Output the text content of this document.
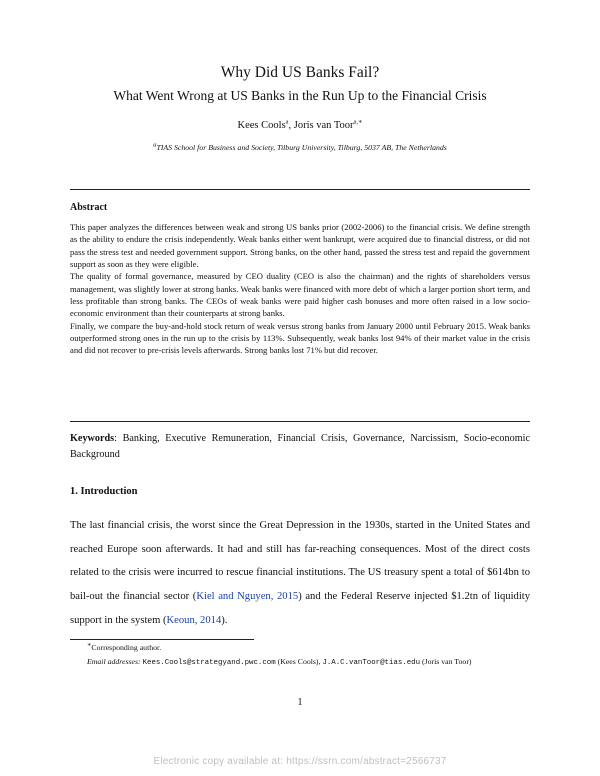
Why Did US Banks Fail?
What Went Wrong at US Banks in the Run Up to the Financial Crisis
Kees Cools$^a$, Joris van Toor$^{a,∗}$
$^a$TIAS School for Business and Society, Tilburg University, Tilburg, 5037 AB, The Netherlands
Abstract

This paper analyzes the differences between weak and strong US banks prior (2002-2006) to the financial crisis. We define strength as the ability to endure the crisis independently. Weak banks either went bankrupt, were acquired due to financial distress, or did not pass the stress test and needed government support. Strong banks, on the other hand, passed the stress test and repaid the government support as soon as they were eligible.

The quality of formal governance, measured by CEO duality (CEO is also the chairman) and the rights of shareholders versus management, was slightly lower at strong banks. Weak banks were financed with more debt of which a larger portion short term, and less profitable than strong banks. The CEOs of weak banks were paid higher cash bonuses and more often raised in a low socio-economic environment than their counterparts at strong banks.

Finally, we compare the buy-and-hold stock return of weak versus strong banks from January 2000 until February 2015. Weak banks outperformed strong ones in the run up to the crisis by 113%. Subsequently, weak banks lost 94% of their market value in the crisis and did not recover to pre-crisis levels afterwards. Strong banks lost 71% but did recover.

Keywords: Banking, Executive Remuneration, Financial Crisis, Governance, Narcissism, Socio-economic Background
1. Introduction

The last financial crisis, the worst since the Great Depression in the 1930s, started in the United States and reached Europe soon afterwards. It had and still has far-reaching consequences. Most of the direct costs related to the crisis were incurred to rescue financial institutions. The US treasury spent a total of $614bn to bail-out the financial sector (Kiel and Nguyen, 2015) and the Federal Reserve injected $1.2tn of liquidity support in the system (Keoun, 2014).

∗Corresponding author.
Email addresses: Kees.Cools@strategyand.pwc.com (Kees Cools), J.A.C.vanToor@tias.edu (Joris van Toor)
1
Electronic copy available at: https://ssrn.com/abstract=2566737
